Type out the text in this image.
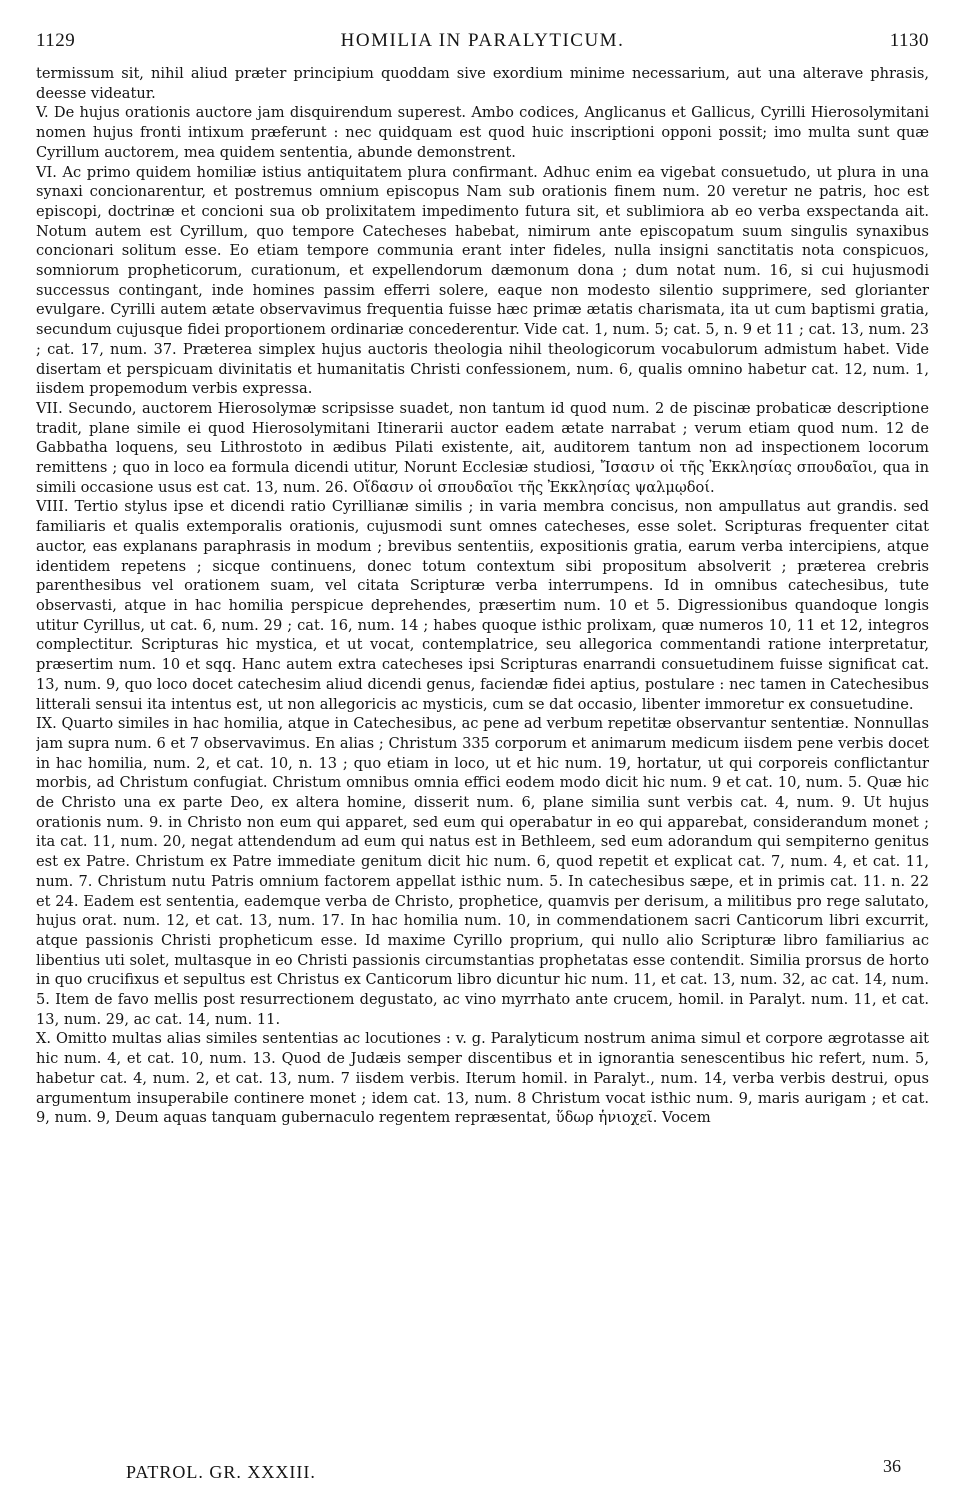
1129	HOMILIA IN PARALYTICUM.	1130

termissum sit, nihil aliud præter principium quoddam sive exordium minime necessarium, aut una alterave phrasis, deesse videatur.

V. De hujus orationis auctore jam disquirendum superest. Ambo codices, Anglicanus et Gallicus, Cyrilli Hierosolymitani nomen hujus fronti intixum præferunt : nec quidquam est quod huic inscriptioni opponi possit; imo multa sunt quæ Cyrillum auctorem, mea quidem sententia, abunde demonstrent.

VI. Ac primo quidem homiliæ istius antiquitatem plura confirmant. Adhuc enim ea vigebat consuetudo, ut plura in una synaxi concionarentur, et postremus omnium episcopus Nam sub orationis finem num. 20 veretur ne patris, hoc est episcopi, doctrinæ et concioni sua ob prolixitatem impedimento futura sit, et sublimiora ab eo verba exspectanda ait. Notum autem est Cyrillum, quo tempore Catecheses habebat, nimirum ante episcopatum suum singulis synaxibus concionari solitum esse. Eo etiam tempore communia erant inter fideles, nulla insigni sanctitatis nota conspicuos, somniorum propheticorum, curationum, et expellendorum dæmonum dona ; dum notat num. 16, si cui hujusmodi successus contingant, inde homines passim efferri solere, eaque non modesto silentio supprimere, sed glorianter evulgare. Cyrilli autem ætate observavimus frequentia fuisse hæc primæ ætatis charismata, ita ut cum baptismi gratia, secundum cujusque fidei proportionem ordinariæ concederentur. Vide cat. 1, num. 5; cat. 5, n. 9 et 11 ; cat. 13, num. 23 ; cat. 17, num. 37. Præterea simplex hujus auctoris theologia nihil theologicorum vocabulorum admistum habet. Vide disertam et perspicuam divinitatis et humanitatis Christi confessionem, num. 6, qualis omnino habetur cat. 12, num. 1, iisdem propemodum verbis expressa.

VII. Secundo, auctorem Hierosolymæ scripsisse suadet, non tantum id quod num. 2 de piscinæ probaticæ descriptione tradit, plane simile ei quod Hierosolymitani Itinerarii auctor eadem ætate narrabat ; verum etiam quod num. 12 de Gabbatha loquens, seu Lithrostoto in ædibus Pilati existente, ait, auditorem tantum non ad inspectionem locorum remittens ; quo in loco ea formula dicendi utitur, Norunt Ecclesiæ studiosi, Ἴσασιν οἱ τῆς Ἐκκλησίας σπουδαῖοι, qua in simili occasione usus est cat. 13, num. 26. Οἴδασιν οἱ σπουδαῖοι τῆς Ἐκκλησίας ψαλμῳδοί.

VIII. Tertio stylus ipse et dicendi ratio Cyrillianæ similis ; in varia membra concisus, non ampullatus aut grandis. sed familiaris et qualis extemporalis orationis, cujusmodi sunt omnes catecheses, esse solet. Scripturas frequenter citat auctor, eas explanans paraphrasis in modum ; brevibus sententiis, expositionis gratia, earum verba intercipiens, atque identidem repetens ; sicque continuens, donec totum contextum sibi propositum absolverit ; præterea crebris parenthesibus vel orationem suam, vel citata Scripturæ verba interrumpens. Id in omnibus catechesibus, tute observasti, atque in hac homilia perspicue deprehendes, præsertim num. 10 et 5. Digressionibus quandoque longis utitur Cyrillus, ut cat. 6, num. 29 ; cat. 16, num. 14 ; habes quoque isthic prolixam, quæ numeros 10, 11 et 12, integros complectitur. Scripturas hic mystica, et ut vocat, contemplatrice, seu allegorica commentandi ratione interpretatur, præsertim num. 10 et sqq. Hanc autem extra catecheses ipsi Scripturas enarrandi consuetudinem fuisse significat cat. 13, num. 9, quo loco docet catechesim aliud dicendi genus, faciendæ fidei aptius, postulare : nec tamen in Catechesibus litterali sensui ita intentus est, ut non allegoricis ac mysticis, cum se dat occasio, libenter immoretur ex consuetudine.

IX. Quarto similes in hac homilia, atque in Catechesibus, ac pene ad verbum repetitæ observantur sententiæ. Nonnullas jam supra num. 6 et 7 observavimus. En alias ; Christum 335 corporum et animarum medicum iisdem pene verbis docet in hac homilia, num. 2, et cat. 10, n. 13 ; quo etiam in loco, ut et hic num. 19, hortatur, ut qui corporeis conflictantur morbis, ad Christum confugiat. Christum omnibus omnia effici eodem modo dicit hic num. 9 et cat. 10, num. 5. Quæ hic de Christo una ex parte Deo, ex altera homine, disserit num. 6, plane similia sunt verbis cat. 4, num. 9. Ut hujus orationis num. 9. in Christo non eum qui apparet, sed eum qui operabatur in eo qui apparebat, considerandum monet ; ita cat. 11, num. 20, negat attendendum ad eum qui natus est in Bethleem, sed eum adorandum qui sempiterno genitus est ex Patre. Christum ex Patre immediate genitum dicit hic num. 6, quod repetit et explicat cat. 7, num. 4, et cat. 11, num. 7. Christum nutu Patris omnium factorem appellat isthic num. 5. In catechesibus sæpe, et in primis cat. 11. n. 22 et 24. Eadem est sententia, eademque verba de Christo, prophetice, quamvis per derisum, a militibus pro rege salutato, hujus orat. num. 12, et cat. 13, num. 17. In hac homilia num. 10, in commendationem sacri Canticorum libri excurrit, atque passionis Christi propheticum esse. Id maxime Cyrillo proprium, qui nullo alio Scripturæ libro familiarius ac libentius uti solet, multasque in eo Christi passionis circumstantias prophetatas esse contendit. Similia prorsus de horto in quo crucifixus et sepultus est Christus ex Canticorum libro dicuntur hic num. 11, et cat. 13, num. 32, ac cat. 14, num. 5. Item de favo mellis post resurrectionem degustato, ac vino myrrhato ante crucem, homil. in Paralyt. num. 11, et cat. 13, num. 29, ac cat. 14, num. 11.

X. Omitto multas alias similes sententias ac locutiones : v. g. Paralyticum nostrum anima simul et corpore ægrotasse ait hic num. 4, et cat. 10, num. 13. Quod de Judæis semper discentibus et in ignorantia senescentibus hic refert, num. 5, habetur cat. 4, num. 2, et cat. 13, num. 7 iisdem verbis. Iterum homil. in Paralyt., num. 14, verba verbis destrui, opus argumentum insuperabile continere monet ; idem cat. 13, num. 8 Christum vocat isthic num. 9, maris aurigam ; et cat. 9, num. 9, Deum aquas tanquam gubernaculo regentem repræsentat, ὕδωρ ἡνιοχεῖ. Vocem

PATROL. GR. XXXIII.	36
